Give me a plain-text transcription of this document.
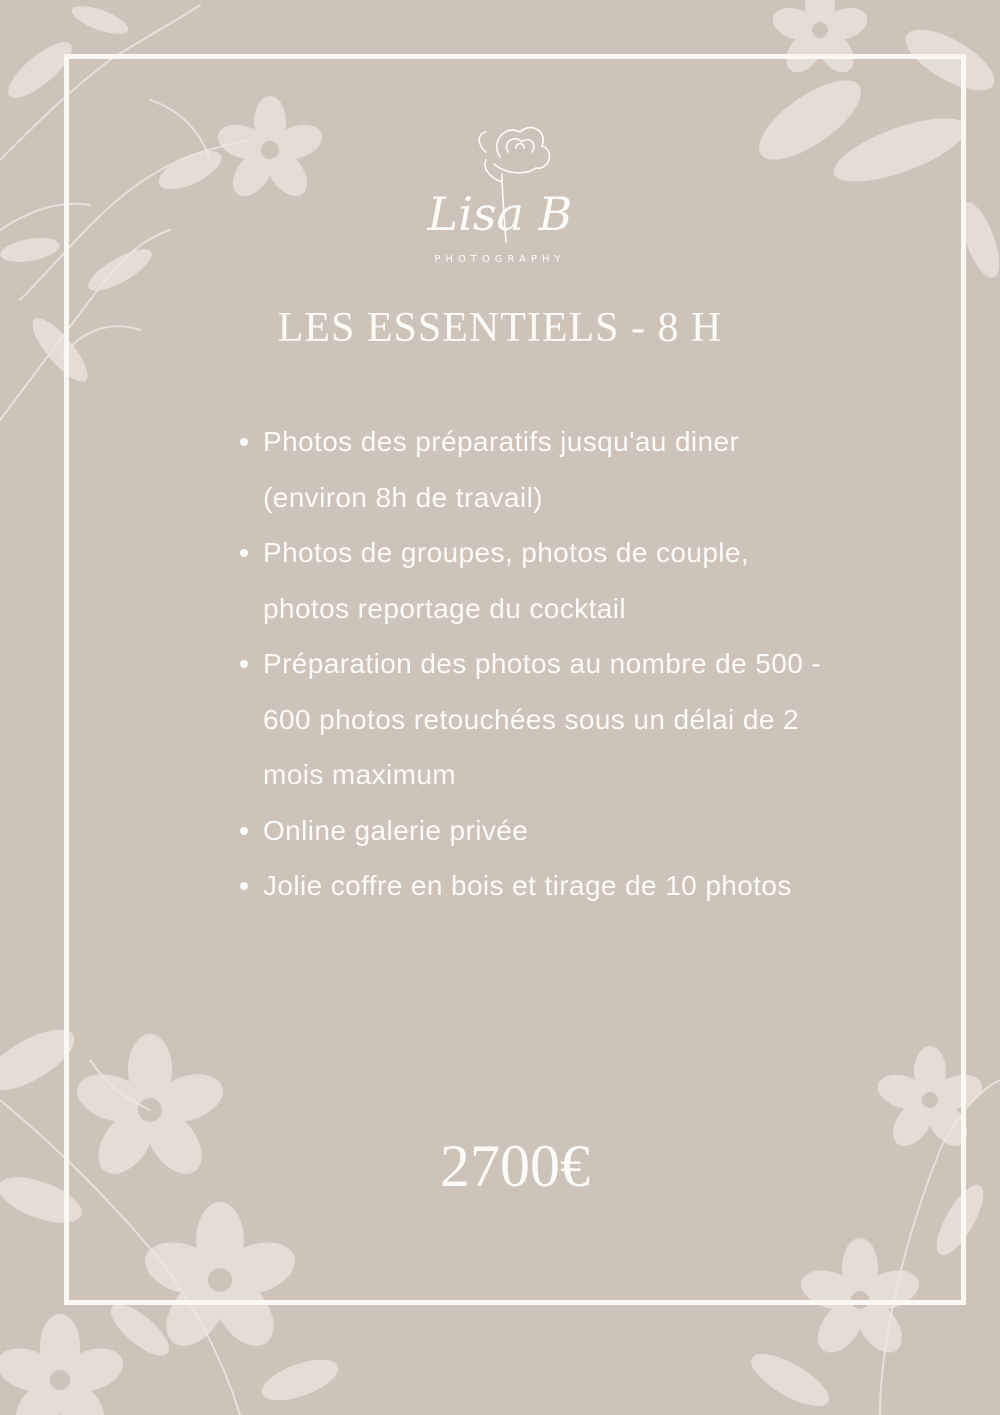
Lisa B
PHOTOGRAPHY
LES ESSENTIELS - 8 H
Photos des préparatifs jusqu'au diner (environ 8h de travail)
Photos de groupes, photos de couple, photos reportage du cocktail
Préparation des photos au nombre de 500 - 600 photos retouchées sous un délai de 2 mois maximum
Online galerie privée
Jolie coffre en bois et tirage de 10 photos
2700€
